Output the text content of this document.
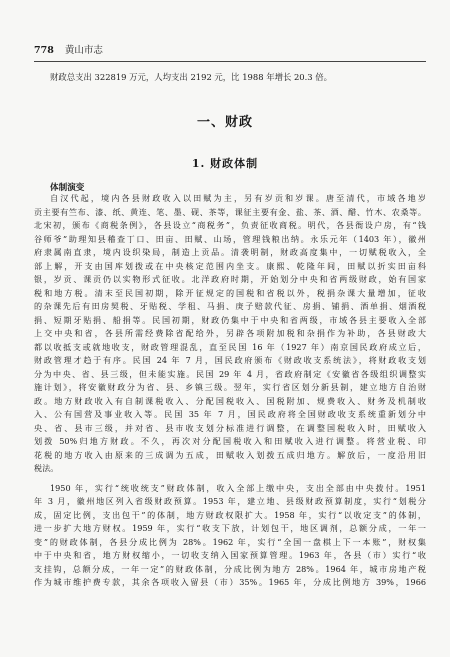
778 黄山市志
财政总支出 322819 万元，人均支出 2192 元，比 1988 年增长 20.3 倍。
一、财政
1. 财政体制
体制演变
自汉代起，境内各县财政收入以田赋为主，另有岁贡和岁课。唐至清代，市域各地岁
贡主要有竺布、漆、纸、黄连、笔、墨、砚、茶等，课征主要有金、盐、茶、酒、醋、竹木、农桑等。
北宋初，颁布《商税条例》，各县设立“商税务”，负责征收商税。明代，各县衙设户房，有“钱
谷师爷”助理知县稽查丁口、田亩、田赋、山场，管理钱粮出纳。永乐元年（1403 年），徽州
府隶属南直隶，境内设织染局，制造上贡品。清袭明制，财政高度集中，一切赋税收入，全
部上解，开支由国库划拨或在中央核定范围内坐支。康熙、乾隆年间，田赋以折实田亩科
银，岁贡、课贡仍以实物形式征收。北洋政府时期，开始划分中央和省两级财政，始有国家
税和地方税。清末至民国初期，除开征规定的国税和省税以外，税捐杂课大量增加，征收
的杂课先后有田房契税、牙贴税、学租、马捐、庚子赔款代征、房捐、铺捐、酒单捐、烟酒税
捐、短期牙贴捐、船捐等。民国初期，财政仍集中于中央和省两级，市域各县主要收入全部
上交中央和省，各县所需经费除省配给外，另辟各项附加税和杂捐作为补助，各县财政大
都以收抵支或就地收支，财政管理混乱，直至民国 16 年（1927 年）南京国民政府成立后，
财政管理才趋于有序。民国 24 年 7 月，国民政府颁布《财政收支系统法》，将财政收支划
分为中央、省、县三级，但未能实施。民国 29 年 4 月，省政府制定《安徽省各级组织调整实
施计划》，将安徽财政分为省、县、乡镇三级。翌年，实行省区划分新县制，建立地方自治财
政。地方财政收入有自制课税收入、分配国税收入、国税附加、规费收入、财务及机制收
入、公有国营及事业收入等。民国 35 年 7 月，国民政府将全国财政收支系统重新划分中
央、省、县市三级，并对省、县市收支划分标准进行调整，在调整国税收入时，田赋收入
划拨 50%归地方财政。不久，再次对分配国税收入和田赋收入进行调整。将营业税、印
花税的地方收入由原来的三成调为五成，田赋收入划拨五成归地方。解放后，一度沿用旧
税法。
1950 年，实行“统收统支”财政体制，收入全部上缴中央，支出全部由中央拨付。1951
年 3 月，徽州地区列入省级财政预算。1953 年，建立地、县级财政预算制度，实行“划税分
成，固定比例，支出包干”的体制，地方财政权限扩大。1958 年，实行“以收定支”的体制，
进一步扩大地方财权。1959 年，实行“收支下放，计划包干，地区调剂，总额分成，一年一
变”的财政体制，各县分成比例为 28%。1962 年，实行“全国一盘棋上下一本账”，财权集
中于中央和省，地方财权缩小，一切收支纳入国家预算管理。1963 年，各县（市）实行“收
支挂钩，总额分成，一年一定”的财政体制，分成比例为地方 28%。1964 年，城市房地产税
作为城市维护费专款，其余各项收入留县（市）35%。1965 年，分成比例地方 39%，1966
